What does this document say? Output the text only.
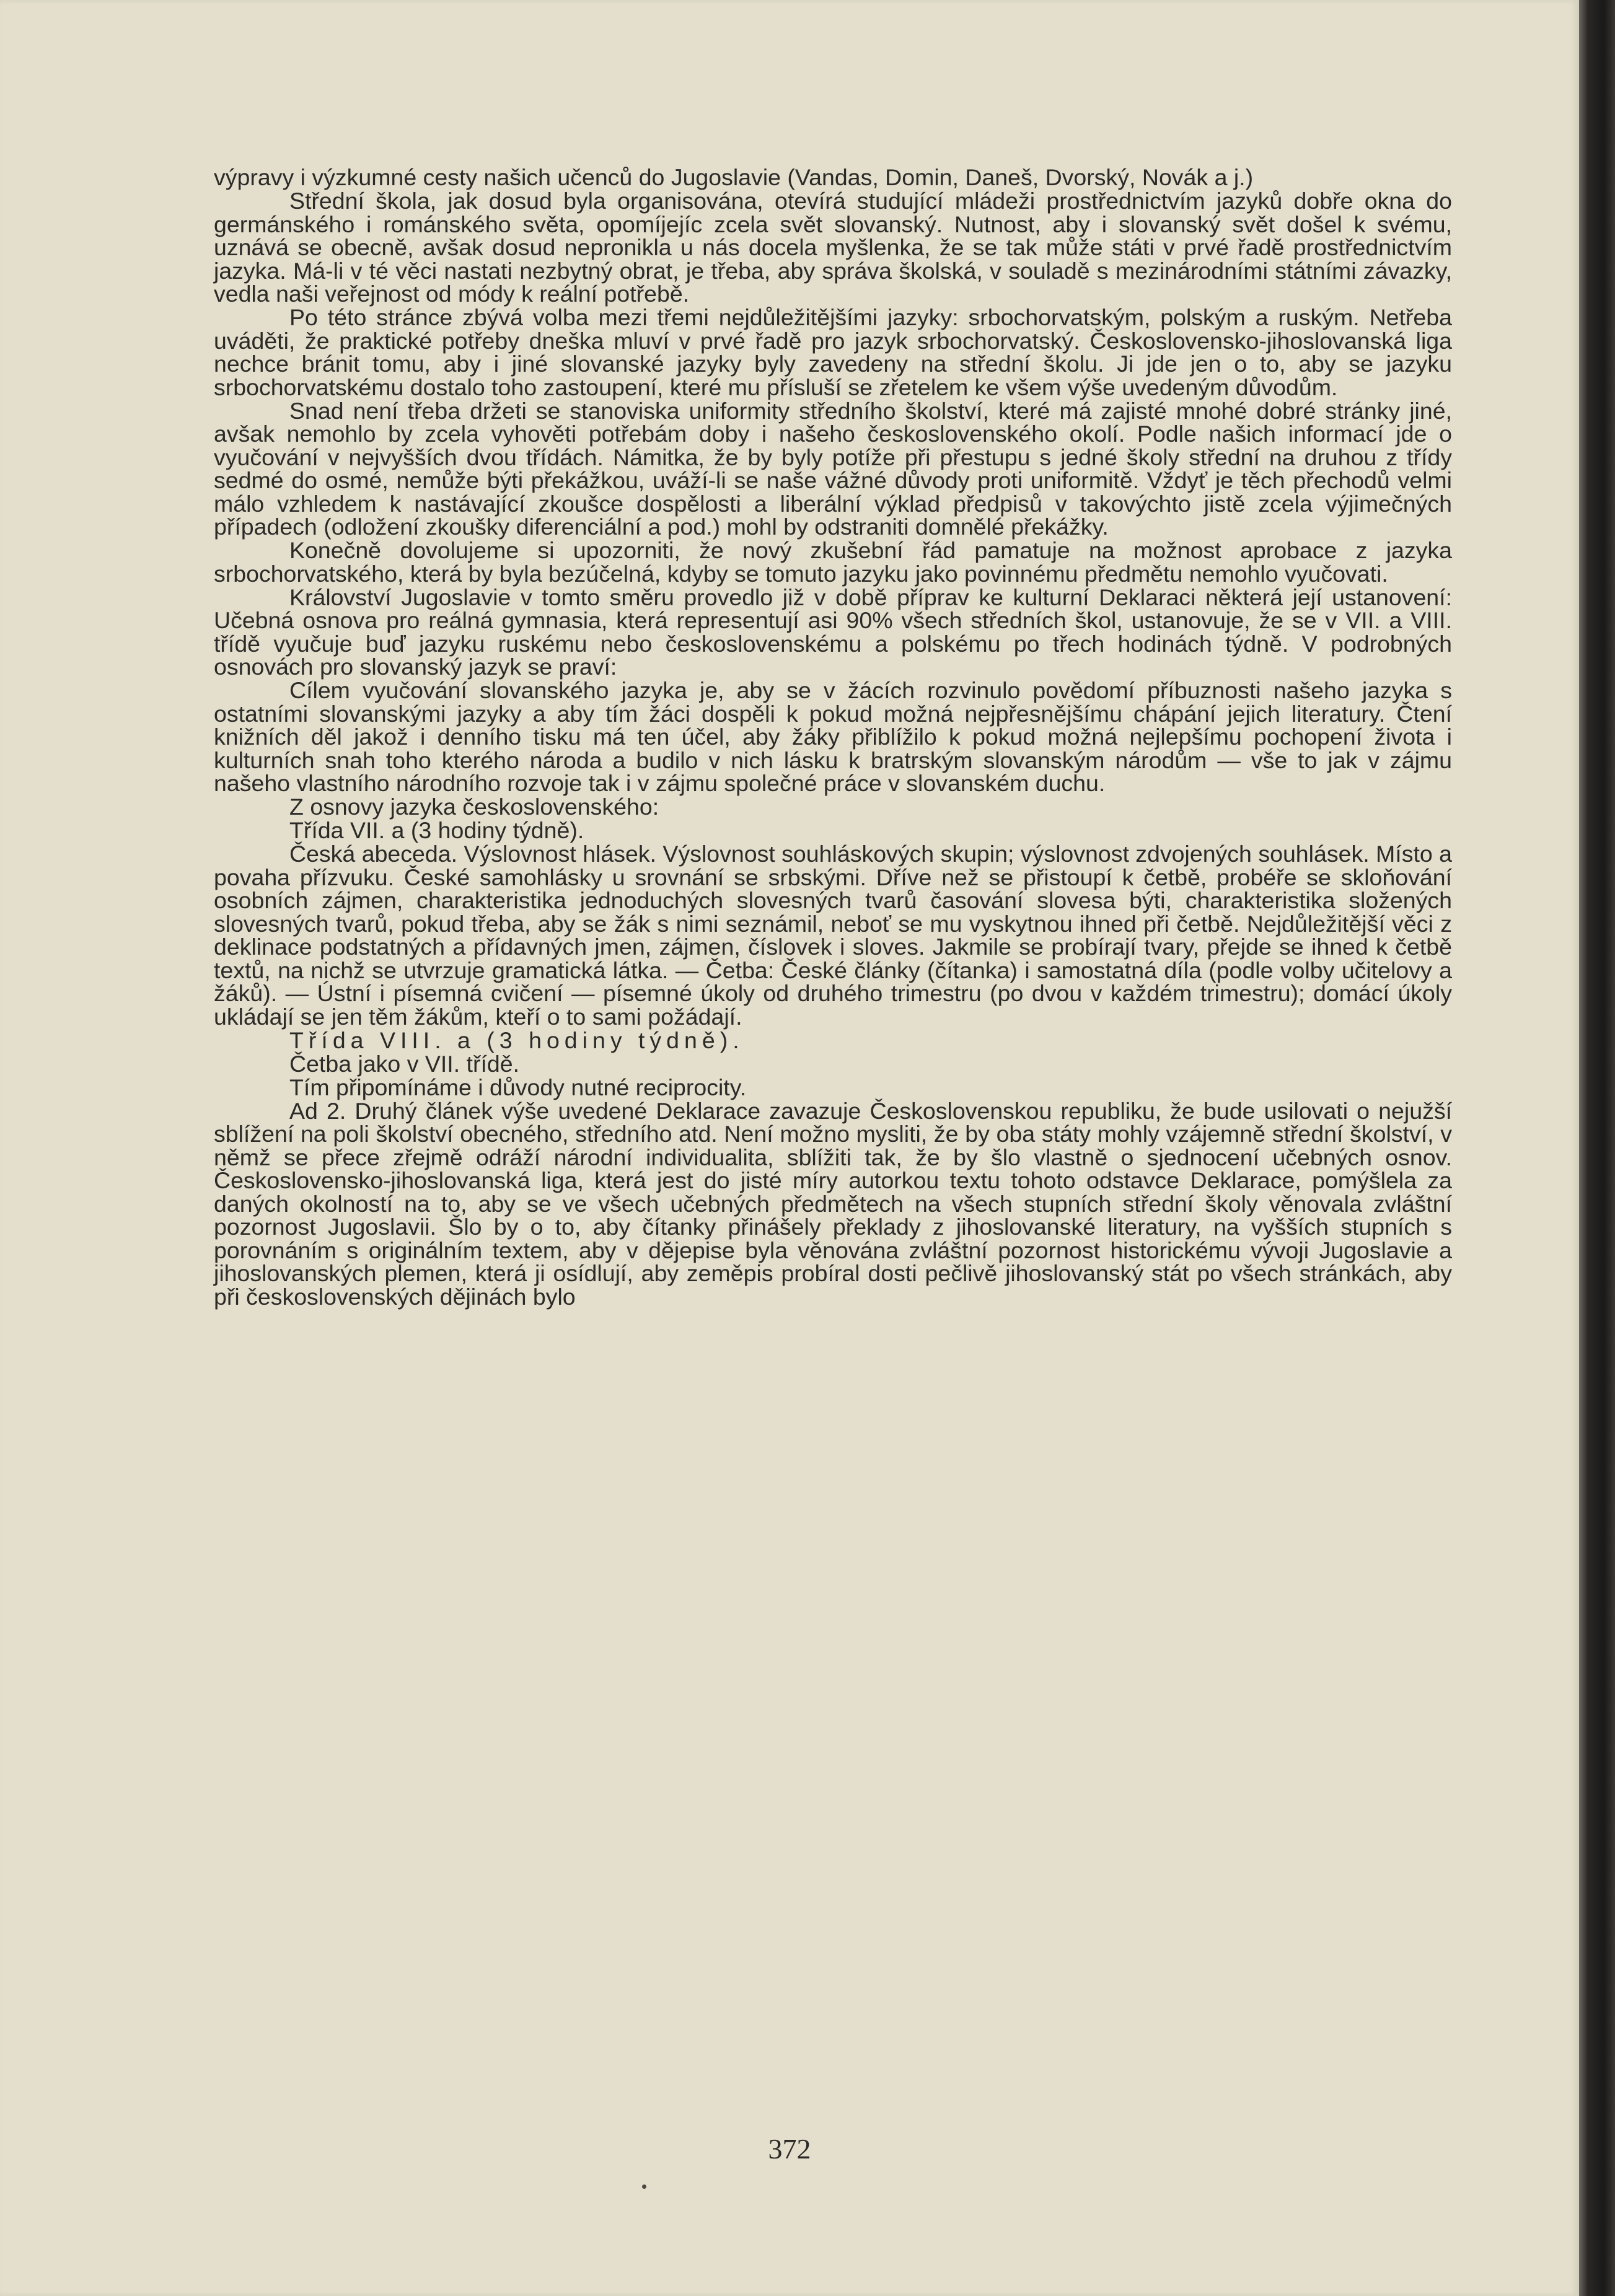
výpravy i výzkumné cesty našich učenců do Jugoslavie (Vandas, Domin, Daneš, Dvorský, Novák a j.)

Střední škola, jak dosud byla organisována, otevírá studující mládeži prostřednictvím jazyků dobře okna do germánského i románského světa, opomíjejíc zcela svět slovanský. Nutnost, aby i slovanský svět došel k svému, uznává se obecně, avšak dosud nepronikla u nás docela myšlenka, že se tak může státi v prvé řadě prostřednictvím jazyka. Má-li v té věci nastati nezbytný obrat, je třeba, aby správa školská, v souladě s mezinárodními státními závazky, vedla naši veřejnost od módy k reální potřebě.

Po této stránce zbývá volba mezi třemi nejdůležitějšími jazyky: srbochorvatským, polským a ruským. Netřeba uváděti, že praktické potřeby dneška mluví v prvé řadě pro jazyk srbochorvatský. Československo-jihoslovanská liga nechce bránit tomu, aby i jiné slovanské jazyky byly zavedeny na střední školu. Ji jde jen o to, aby se jazyku srbochorvatskému dostalo toho zastoupení, které mu přísluší se zřetelem ke všem výše uvedeným důvodům.

Snad není třeba držeti se stanoviska uniformity středního školství, které má zajisté mnohé dobré stránky jiné, avšak nemohlo by zcela vyhověti potřebám doby i našeho československého okolí. Podle našich informací jde o vyučování v nejvyšších dvou třídách. Námitka, že by byly potíže při přestupu s jedné školy střední na druhou z třídy sedmé do osmé, nemůže býti překážkou, uváží-li se naše vážné důvody proti uniformitě. Vždyť je těch přechodů velmi málo vzhledem k nastávající zkoušce dospělosti a liberální výklad předpisů v takovýchto jistě zcela výjimečných případech (odložení zkoušky diferenciální a pod.) mohl by odstraniti domnělé překážky.

Konečně dovolujeme si upozorniti, že nový zkušební řád pamatuje na možnost aprobace z jazyka srbochorvatského, která by byla bezúčelná, kdyby se tomuto jazyku jako povinnému předmětu nemohlo vyučovati.

Království Jugoslavie v tomto směru provedlo již v době příprav ke kulturní Deklaraci některá její ustanovení: Učebná osnova pro reálná gymnasia, která representují asi 90% všech středních škol, ustanovuje, že se v VII. a VIII. třídě vyučuje buď jazyku ruskému nebo československému a polskému po třech hodinách týdně. V podrobných osnovách pro slovanský jazyk se praví:

Cílem vyučování slovanského jazyka je, aby se v žácích rozvinulo povědomí příbuznosti našeho jazyka s ostatními slovanskými jazyky a aby tím žáci dospěli k pokud možná nejpřesnějšímu chápání jejich literatury. Čtení knižních děl jakož i denního tisku má ten účel, aby žáky přiblížilo k pokud možná nejlepšímu pochopení života i kulturních snah toho kterého národa a budilo v nich lásku k bratrským slovanským národům — vše to jak v zájmu našeho vlastního národního rozvoje tak i v zájmu společné práce v slovanském duchu.

Z osnovy jazyka československého:

Třída VII. a (3 hodiny týdně).

Česká abeceda. Výslovnost hlásek. Výslovnost souhláskových skupin; výslovnost zdvojených souhlásek. Místo a povaha přízvuku. České samohlásky u srovnání se srbskými. Dříve než se přistoupí k četbě, probéře se skloňování osobních zájmen, charakteristika jednoduchých slovesných tvarů časování slovesa býti, charakteristika složených slovesných tvarů, pokud třeba, aby se žák s nimi seznámil, neboť se mu vyskytnou ihned při četbě. Nejdůležitější věci z deklinace podstatných a přídavných jmen, zájmen, číslovek i sloves. Jakmile se probírají tvary, přejde se ihned k četbě textů, na nichž se utvrzuje gramatická látka. — Četba: České články (čítanka) i samostatná díla (podle volby učitelovy a žáků). — Ústní i písemná cvičení — písemné úkoly od druhého trimestru (po dvou v každém trimestru); domácí úkoly ukládají se jen těm žákům, kteří o to sami požádají.

Třída VIII. a (3 hodiny týdně).

Četba jako v VII. třídě.

Tím připomínáme i důvody nutné reciprocity.

Ad 2. Druhý článek výše uvedené Deklarace zavazuje Československou republiku, že bude usilovati o nejužší sblížení na poli školství obecného, středního atd. Není možno mysliti, že by oba státy mohly vzájemně střední školství, v němž se přece zřejmě odráží národní individualita, sblížiti tak, že by šlo vlastně o sjednocení učebných osnov. Československo-jihoslovanská liga, která jest do jisté míry autorkou textu tohoto odstavce Deklarace, pomýšlela za daných okolností na to, aby se ve všech učebných předmětech na všech stupních střední školy věnovala zvláštní pozornost Jugoslavii. Šlo by o to, aby čítanky přinášely překlady z jihoslovanské literatury, na vyšších stupních s porovnáním s originálním textem, aby v dějepise byla věnována zvláštní pozornost historickému vývoji Jugoslavie a jihoslovanských plemen, která ji osídlují, aby zeměpis probíral dosti pečlivě jihoslovanský stát po všech stránkách, aby při československých dějinách bylo

372
